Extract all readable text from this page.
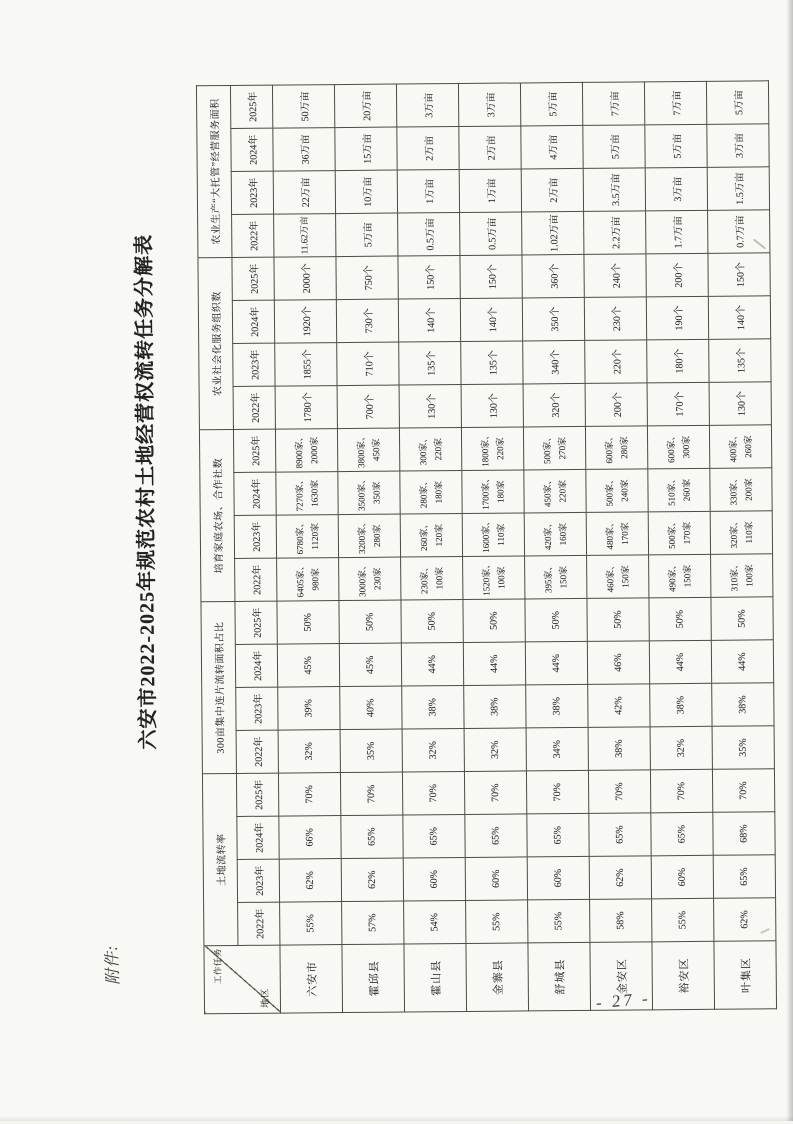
附件:
六安市2022-2025年规范农村土地经营权流转任务分解表
工作任务
地区	土地流转率				300亩集中连片流转面积占比				培育家庭农场、合作社数				农业社会化服务组织数				农业生产“大托管”经营服务面积			
	2022年	2023年	2024年	2025年	2022年	2023年	2024年	2025年	2022年	2023年	2024年	2025年	2022年	2023年	2024年	2025年	2022年	2023年	2024年	2025年
六安市	55%	62%	66%	70%	32%	39%	45%	50%	6405家、980家	6780家、1120家	7270家、1630家	8900家、2000家	1780个	1855个	1920个	2000个	11.62万亩	22万亩	36万亩	50万亩
霍邱县	57%	62%	65%	70%	35%	40%	45%	50%	3000家、230家	3200家、280家	3500家、350家	3800家、450家	700个	710个	730个	750个	5万亩	10万亩	15万亩	20万亩
霍山县	54%	60%	65%	70%	32%	38%	44%	50%	230家、100家	260家、120家	280家、180家	300家、220家	130个	135个	140个	150个	0.5万亩	1万亩	2万亩	3万亩
金寨县	55%	60%	65%	70%	32%	38%	44%	50%	1520家、100家	1600家、110家	1700家、180家	1800家、220家	130个	135个	140个	150个	0.5万亩	1万亩	2万亩	3万亩
舒城县	55%	60%	65%	70%	34%	38%	44%	50%	395家、150家	420家、160家	450家、220家	500家、270家	320个	340个	350个	360个	1.02万亩	2万亩	4万亩	5万亩
金安区	58%	62%	65%	70%	38%	42%	46%	50%	460家、150家	480家、170家	500家、240家	600家、280家	200个	220个	230个	240个	2.2万亩	3.5万亩	5万亩	7万亩
裕安区	55%	60%	65%	70%	32%	38%	44%	50%	490家、150家	500家、170家	510家、260家	600家、300家	170个	180个	190个	200个	1.7万亩	3万亩	5万亩	7万亩
叶集区	62%	65%	68%	70%	35%	38%	44%	50%	310家、100家	320家、110家	330家、200家	400家、260家	130个	135个	140个	150个	0.7万亩	1.5万亩	3万亩	5万亩
- 27 -
